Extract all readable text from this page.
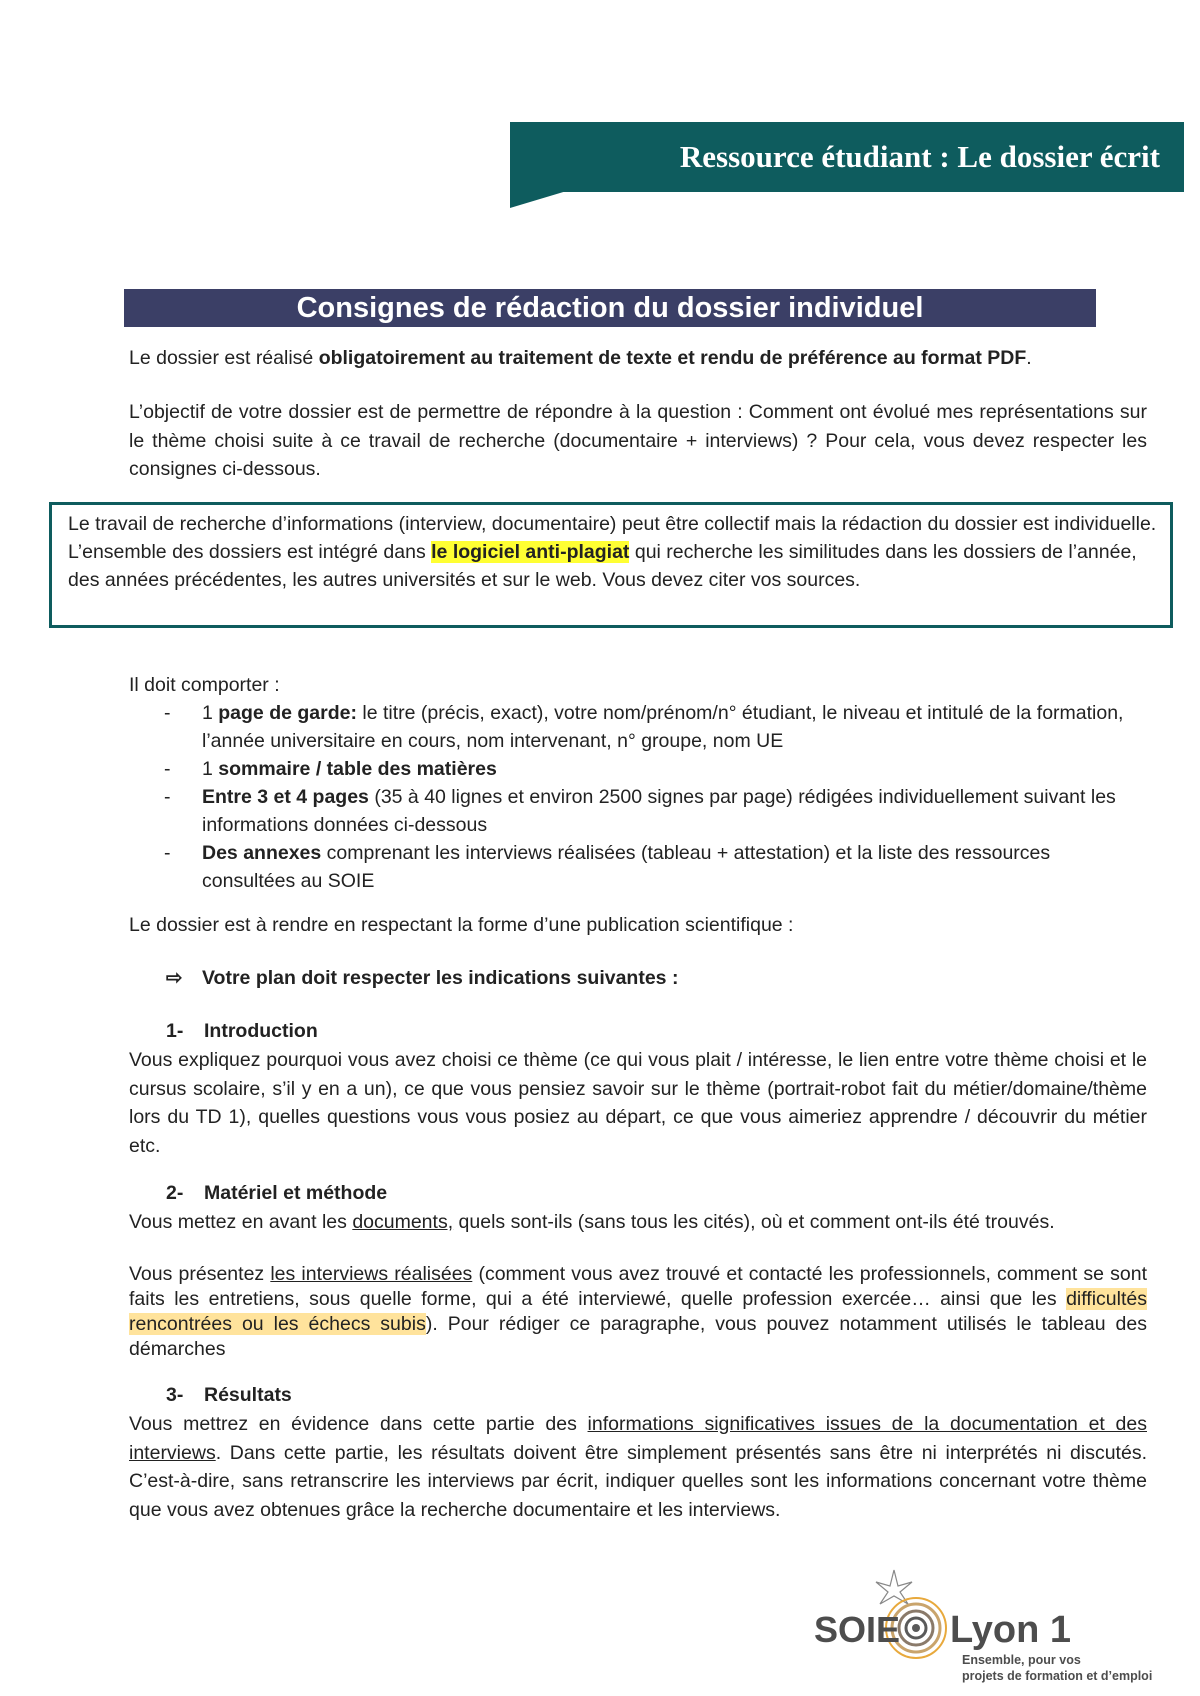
Ressource étudiant : Le dossier écrit
Consignes de rédaction du dossier individuel
Le dossier est réalisé obligatoirement au traitement de texte et rendu de préférence au format PDF.
L’objectif de votre dossier est de permettre de répondre à la question : Comment ont évolué mes représentations sur le thème choisi suite à ce travail de recherche (documentaire + interviews) ? Pour cela, vous devez respecter les consignes ci-dessous.
Le travail de recherche d’informations (interview, documentaire) peut être collectif mais la rédaction du dossier est individuelle.
L’ensemble des dossiers est intégré dans le logiciel anti-plagiat qui recherche les similitudes dans les dossiers de l’année, des années précédentes, les autres universités et sur le web. Vous devez citer vos sources.
Il doit comporter :
- 1 page de garde: le titre (précis, exact), votre nom/prénom/n° étudiant, le niveau et intitulé de la formation, l’année universitaire en cours, nom intervenant, n° groupe, nom UE
- 1 sommaire / table des matières
- Entre 3 et 4 pages (35 à 40 lignes et environ 2500 signes par page) rédigées individuellement suivant les informations données ci-dessous
- Des annexes comprenant les interviews réalisées (tableau + attestation) et la liste des ressources consultées au SOIE
Le dossier est à rendre en respectant la forme d’une publication scientifique :
⇨ Votre plan doit respecter les indications suivantes :
1- Introduction
Vous expliquez pourquoi vous avez choisi ce thème (ce qui vous plait / intéresse, le lien entre votre thème choisi et le cursus scolaire, s’il y en a un), ce que vous pensiez savoir sur le thème (portrait-robot fait du métier/domaine/thème lors du TD 1), quelles questions vous vous posiez au départ, ce que vous aimeriez apprendre / découvrir du métier etc.
2- Matériel et méthode
Vous mettez en avant les documents, quels sont-ils (sans tous les cités), où et comment ont-ils été trouvés.
Vous présentez les interviews réalisées (comment vous avez trouvé et contacté les professionnels, comment se sont faits les entretiens, sous quelle forme, qui a été interviewé, quelle profession exercée… ainsi que les difficultés rencontrées ou les échecs subis). Pour rédiger ce paragraphe, vous pouvez notamment utilisés le tableau des démarches
3- Résultats
Vous mettrez en évidence dans cette partie des informations significatives issues de la documentation et des interviews. Dans cette partie, les résultats doivent être simplement présentés sans être ni interprétés ni discutés. C’est-à-dire, sans retranscrire les interviews par écrit, indiquer quelles sont les informations concernant votre thème que vous avez obtenues grâce la recherche documentaire et les interviews.
SOIE Lyon 1
Ensemble, pour vos
projets de formation et d’emploi
